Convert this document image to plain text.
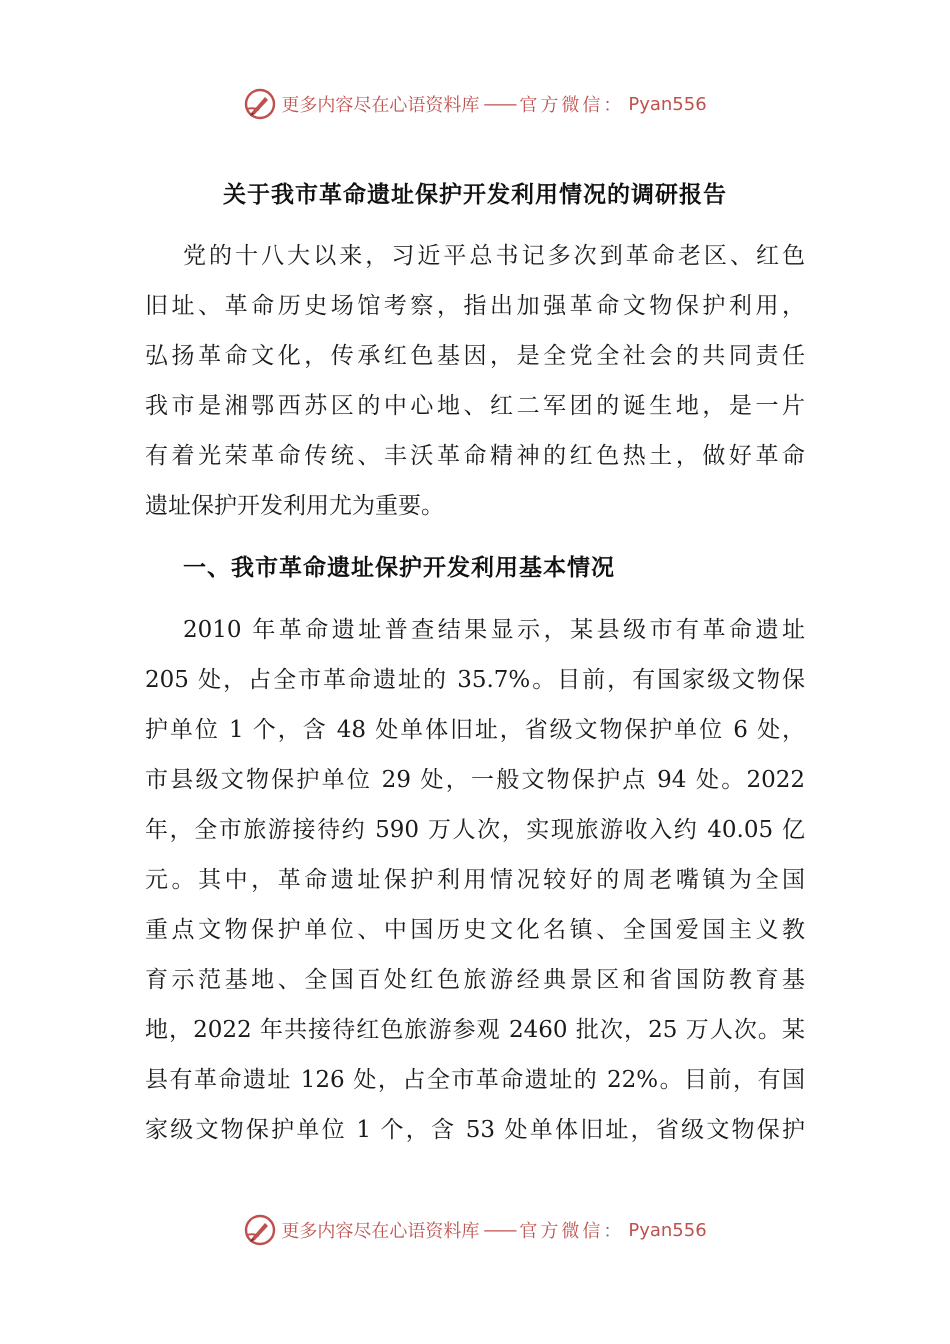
更多内容尽在心语资料库 —— 官方微信： Pyan556
关于我市革命遗址保护开发利用情况的调研报告
党的十八大以来，习近平总书记多次到革命老区、红色
旧址、革命历史场馆考察，指出加强革命文物保护利用，
弘扬革命文化，传承红色基因，是全党全社会的共同责任
我市是湘鄂西苏区的中心地、红二军团的诞生地，是一片
有着光荣革命传统、丰沃革命精神的红色热土，做好革命
遗址保护开发利用尤为重要。
一、我市革命遗址保护开发利用基本情况
2010 年革命遗址普查结果显示，某县级市有革命遗址
205 处，占全市革命遗址的 35.7%。目前，有国家级文物保
护单位 1 个，含 48 处单体旧址，省级文物保护单位 6 处，
市县级文物保护单位 29 处，一般文物保护点 94 处。2022
年，全市旅游接待约 590 万人次，实现旅游收入约 40.05 亿
元。其中，革命遗址保护利用情况较好的周老嘴镇为全国
重点文物保护单位、中国历史文化名镇、全国爱国主义教
育示范基地、全国百处红色旅游经典景区和省国防教育基
地，2022 年共接待红色旅游参观 2460 批次，25 万人次。某
县有革命遗址 126 处，占全市革命遗址的 22%。目前，有国
家级文物保护单位 1 个，含 53 处单体旧址，省级文物保护
更多内容尽在心语资料库 —— 官方微信： Pyan556
